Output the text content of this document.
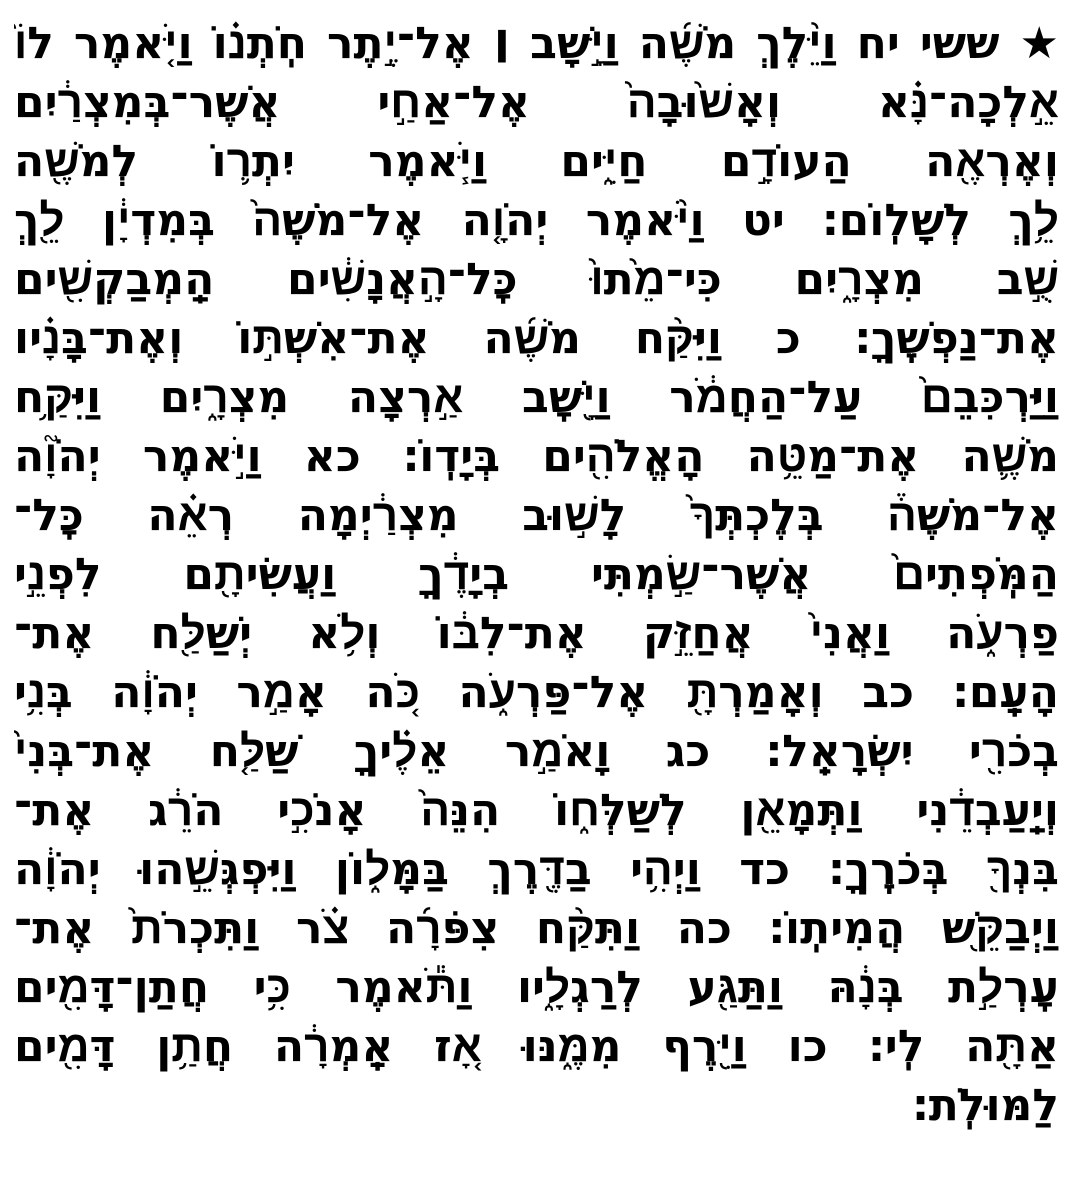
★ ששי יח וַיֵּ֨לֶךְ מֹשֶׁ֜ה וַיָּ֣שָׁב ׀ אֶל־יֶ֣תֶר חֹֽתְנ֗וֹ וַיֹּ֤אמֶר לוֹ֙
אֵ֣לְכָה־נָּ֗א וְאָשׁ֙וּבָה֙ אֶל־אַחַ֣י אֲשֶׁר־בְּמִצְרַ֔יִם
וְאֶרְאֶ֖ה הַעוֹדָ֣ם חַיִּ֑ים וַיֹּ֧אמֶר יִתְר֛וֹ לְמֹשֶׁ֖ה
לֵ֥ךְ לְשָׁלֽוֹם׃ יט וַיֹּ֨אמֶר יְהֹוָ֤ה אֶל־מֹשֶׁה֙ בְּמִדְיָ֔ן לֵ֖ךְ
שֻׁ֣ב מִצְרָ֑יִם כִּי־מֵ֙תוּ֙ כׇּל־הָ֣אֲנָשִׁ֔ים הַֽמְבַקְשִׁ֖ים
אֶת־נַפְשֶֽׁךָ׃ כ וַיִּקַּ֨ח מֹשֶׁ֜ה אֶת־אִשְׁתּ֣וֹ וְאֶת־בָּנָ֗יו
וַיַּרְכִּבֵם֙ עַל־הַחֲמֹ֔ר וַיָּ֖שׇׁב אַ֣רְצָה מִצְרָ֑יִם וַיִּקַּ֥ח
מֹשֶׁ֛ה אֶת־מַטֵּ֥ה הָאֱלֹהִ֖ים בְּיָדֽוֹ׃ כא וַיֹּ֣אמֶר יְהֹוָ֘ה
אֶל־מֹשֶׁה֒ בְּלֶכְתְּךָ֙ לָשׁ֣וּב מִצְרַ֔יְמָה רְאֵ֗ה כׇּל־
הַמֹּֽפְתִים֙ אֲשֶׁר־שַׂ֣מְתִּי בְיָדֶ֔ךָ וַעֲשִׂיתָ֖ם לִפְנֵ֣י
פַרְעֹ֑ה וַאֲנִי֙ אֲחַזֵּ֣ק אֶת־לִבּ֔וֹ וְלֹ֥א יְשַׁלַּ֖ח אֶת־
הָעָֽם׃ כב וְאָמַרְתָּ֖ אֶל־פַּרְעֹ֑ה כֹּ֚ה אָמַ֣ר יְהֹוָ֔ה בְּנִ֥י
בְכֹרִ֖י יִשְׂרָאֵֽל׃ כג וָאֹמַ֣ר אֵלֶ֗יךָ שַׁלַּ֤ח אֶת־בְּנִי֙
וְיַֽעַבְדֵ֔נִי וַתְּמָאֵ֖ן לְשַׁלְּח֑וֹ הִנֵּה֙ אָנֹכִ֣י הֹרֵ֔ג אֶת־
בִּנְךָ֖ בְּכֹרֶֽךָ׃ כד וַיְהִ֥י בַדֶּ֖רֶךְ בַּמָּל֑וֹן וַיִּפְגְּשֵׁ֣הוּ יְהֹוָ֔ה
וַיְבַקֵּ֖שׁ הֲמִיתֽוֹ׃ כה וַתִּקַּ֨ח צִפֹּרָ֜ה צֹ֗ר וַתִּכְרֹת֙ אֶת־
עׇרְלַ֣ת בְּנָ֔הּ וַתַּגַּ֖ע לְרַגְלָ֑יו וַתֹּ֕אמֶר כִּ֥י חֲתַן־דָּמִ֖ים
אַתָּ֖ה לִֽי׃ כו וַיִּ֖רֶף מִמֶּ֑נּוּ אָ֚ז אָֽמְרָ֔ה חֲתַ֥ן דָּמִ֖ים
לַמּוּלֹֽת׃
